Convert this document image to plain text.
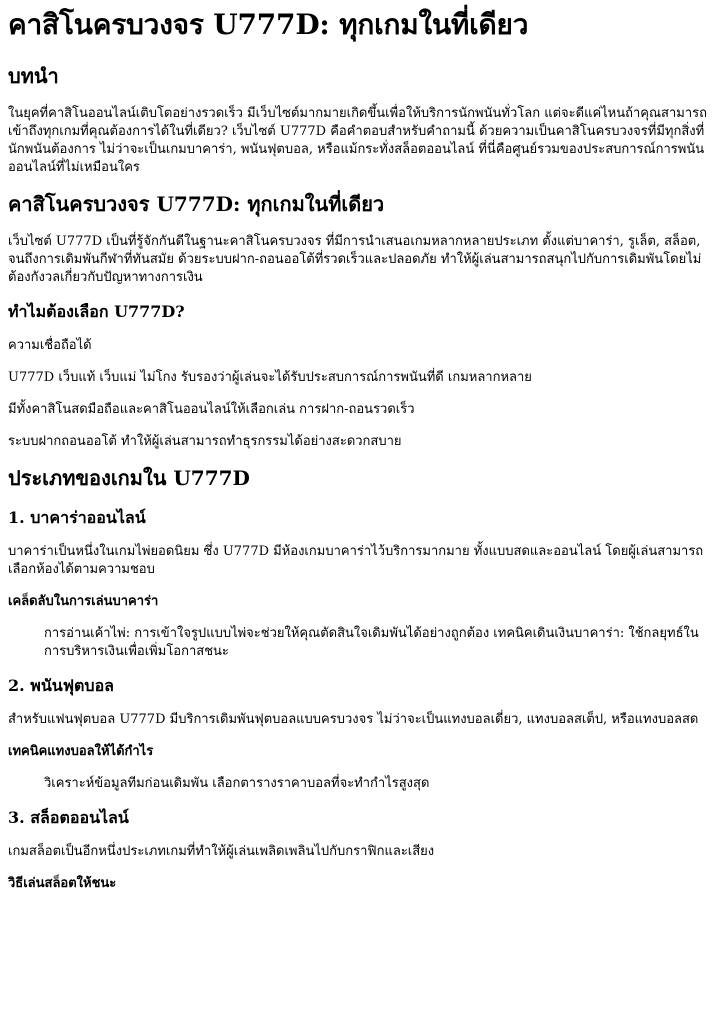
คาสิโนครบวงจร U777D: ทุกเกมในที่เดียว
บทนำ

ในยุคที่คาสิโนออนไลน์เติบโตอย่างรวดเร็ว มีเว็บไซต์มากมายเกิดขึ้นเพื่อให้บริการนักพนันทั่วโลก แต่จะดีแค่ไหนถ้าคุณสามารถเข้าถึงทุกเกมที่คุณต้องการได้ในที่เดียว? เว็บไซต์ U777D คือคำตอบสำหรับคำถามนี้ ด้วยความเป็นคาสิโนครบวงจรที่มีทุกสิ่งที่นักพนันต้องการ ไม่ว่าจะเป็นเกมบาคาร่า, พนันฟุตบอล, หรือแม้กระทั่งสล็อตออนไลน์ ที่นี่คือศูนย์รวมของประสบการณ์การพนันออนไลน์ที่ไม่เหมือนใคร

คาสิโนครบวงจร U777D: ทุกเกมในที่เดียว

เว็บไซต์ U777D เป็นที่รู้จักกันดีในฐานะคาสิโนครบวงจร ที่มีการนำเสนอเกมหลากหลายประเภท ตั้งแต่บาคาร่า, รูเล็ต, สล็อต, จนถึงการเดิมพันกีฬาที่ทันสมัย ด้วยระบบฝาก-ถอนออโต้ที่รวดเร็วและปลอดภัย ทำให้ผู้เล่นสามารถสนุกไปกับการเดิมพันโดยไม่ต้องกังวลเกี่ยวกับปัญหาทางการเงิน

ทำไมต้องเลือก U777D?

ความเชื่อถือได้

U777D เว็บแท้ เว็บแม่ ไม่โกง รับรองว่าผู้เล่นจะได้รับประสบการณ์การพนันที่ดี เกมหลากหลาย

มีทั้งคาสิโนสดมือถือและคาสิโนออนไลน์ให้เลือกเล่น การฝาก-ถอนรวดเร็ว

ระบบฝากถอนออโต้ ทำให้ผู้เล่นสามารถทำธุรกรรมได้อย่างสะดวกสบาย

ประเภทของเกมใน U777D
1. บาคาร่าออนไลน์

บาคาร่าเป็นหนึ่งในเกมไพ่ยอดนิยม ซึ่ง U777D มีห้องเกมบาคาร่าไว้บริการมากมาย ทั้งแบบสดและออนไลน์ โดยผู้เล่นสามารถเลือกห้องได้ตามความชอบ

เคล็ดลับในการเล่นบาคาร่า
การอ่านเค้าไพ่: การเข้าใจรูปแบบไพ่จะช่วยให้คุณตัดสินใจเดิมพันได้อย่างถูกต้อง เทคนิคเดินเงินบาคาร่า: ใช้กลยุทธ์ในการบริหารเงินเพื่อเพิ่มโอกาสชนะ
2. พนันฟุตบอล

สำหรับแฟนฟุตบอล U777D มีบริการเดิมพันฟุตบอลแบบครบวงจร ไม่ว่าจะเป็นแทงบอลเดี่ยว, แทงบอลสเต็ป, หรือแทงบอลสด

เทคนิคแทงบอลให้ได้กำไร
วิเคราะห์ข้อมูลทีมก่อนเดิมพัน เลือกตารางราคาบอลที่จะทำกำไรสูงสุด
3. สล็อตออนไลน์

เกมสล็อตเป็นอีกหนึ่งประเภทเกมที่ทำให้ผู้เล่นเพลิดเพลินไปกับกราฟิกและเสียง

วิธีเล่นสล็อตให้ชนะ
